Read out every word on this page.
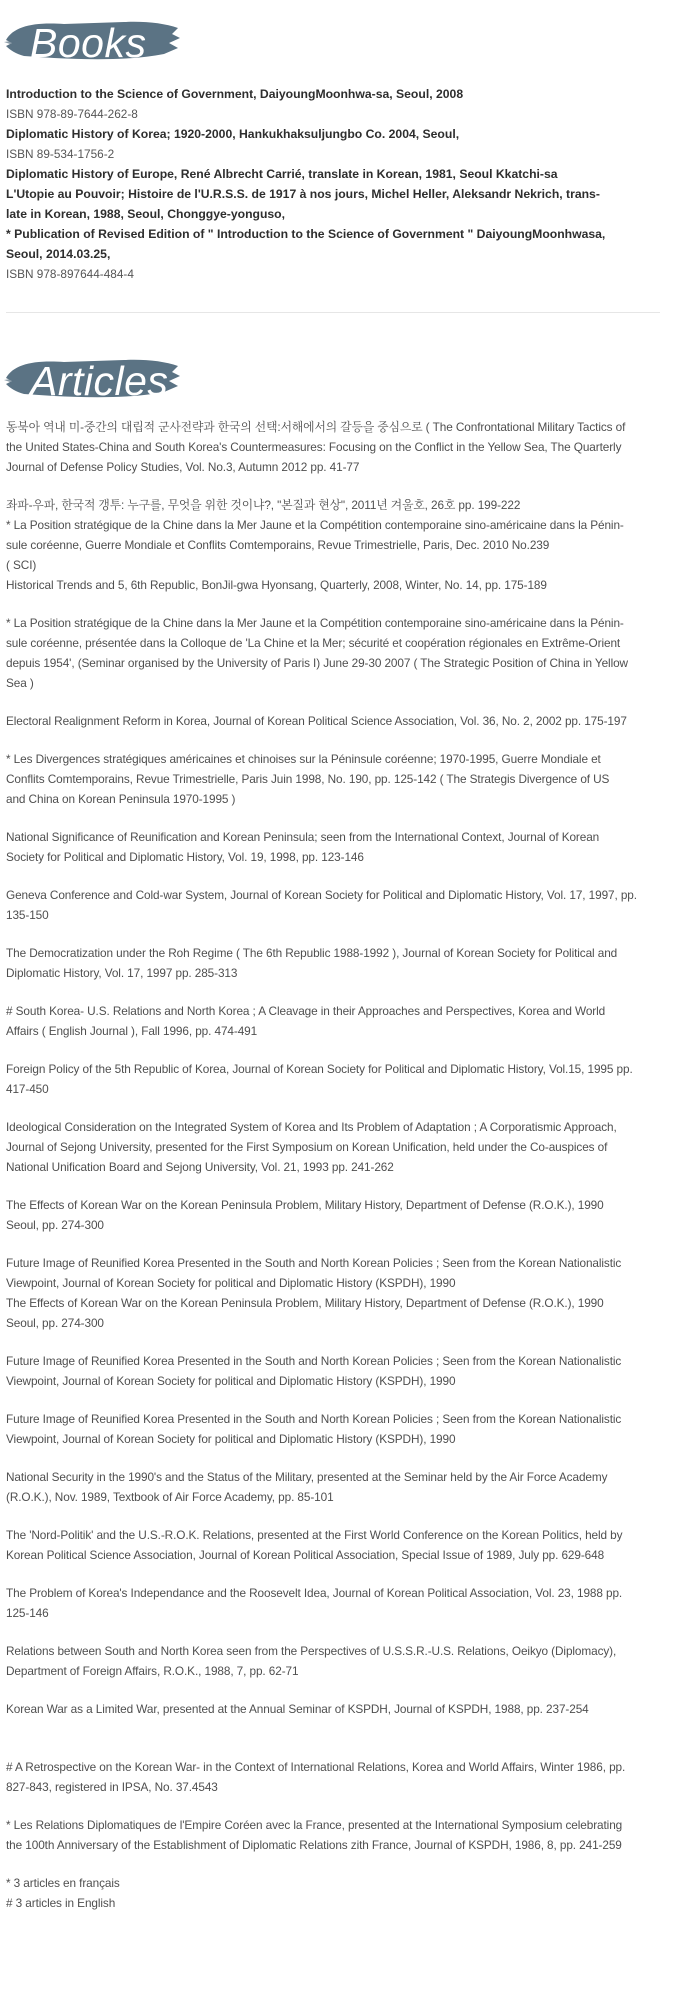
Books
Introduction to the Science of Government, DaiyoungMoonhwa-sa, Seoul, 2008
ISBN 978-89-7644-262-8
Diplomatic History of Korea; 1920-2000, Hankukhaksuljungbo Co. 2004, Seoul,
ISBN 89-534-1756-2
Diplomatic History of Europe, René Albrecht Carrié, translate in Korean, 1981, Seoul Kkatchi-sa
L'Utopie au Pouvoir; Histoire de l'U.R.S.S. de 1917 à nos jours, Michel Heller, Aleksandr Nekrich, trans-
late in Korean, 1988, Seoul, Chonggye-yonguso,
* Publication of Revised Edition of " Introduction to the Science of Government " DaiyoungMoonhwasa,
Seoul, 2014.03.25,
ISBN 978-897644-484-4
Articles
동북아 역내 미-중간의 대립적 군사전략과 한국의 선택:서해에서의 갈등을 중심으로 ( The Confrontational Military Tactics of
the United States-China and South Korea's Countermeasures: Focusing on the Conflict in the Yellow Sea, The Quarterly
Journal of Defense Policy Studies, Vol. No.3, Autumn 2012 pp. 41-77
좌파-우파, 한국적 갱투: 누구를, 무엇을 위한 것이냐?, "본질과 현상", 2011년 겨울호, 26호 pp. 199-222
* La Position stratégique de la Chine dans la Mer Jaune et la Compétition contemporaine sino-américaine dans la Pénin-
sule coréenne, Guerre Mondiale et Conflits Comtemporains, Revue Trimestrielle, Paris, Dec. 2010 No.239
( SCI)
Historical Trends and 5, 6th Republic, BonJil-gwa Hyonsang, Quarterly, 2008, Winter, No. 14, pp. 175-189
* La Position stratégique de la Chine dans la Mer Jaune et la Compétition contemporaine sino-américaine dans la Pénin-
sule coréenne, présentée dans la Colloque de 'La Chine et la Mer; sécurité et coopération régionales en Extrême-Orient
depuis 1954', (Seminar organised by the University of Paris I) June 29-30 2007 ( The Strategic Position of China in Yellow
Sea )
Electoral Realignment Reform in Korea, Journal of Korean Political Science Association, Vol. 36, No. 2, 2002 pp. 175-197
* Les Divergences stratégiques américaines et chinoises sur la Péninsule coréenne; 1970-1995, Guerre Mondiale et
Conflits Comtemporains, Revue Trimestrielle, Paris Juin 1998, No. 190, pp. 125-142 ( The Strategis Divergence of US
and China on Korean Peninsula 1970-1995 )
National Significance of Reunification and Korean Peninsula; seen from the International Context, Journal of Korean
Society for Political and Diplomatic History, Vol. 19, 1998, pp. 123-146
Geneva Conference and Cold-war System, Journal of Korean Society for Political and Diplomatic History, Vol. 17, 1997, pp.
135-150
The Democratization under the Roh Regime ( The 6th Republic 1988-1992 ), Journal of Korean Society for Political and
Diplomatic History, Vol. 17, 1997 pp. 285-313
# South Korea- U.S. Relations and North Korea ; A Cleavage in their Approaches and Perspectives, Korea and World
Affairs ( English Journal ), Fall 1996, pp. 474-491
Foreign Policy of the 5th Republic of Korea, Journal of Korean Society for Political and Diplomatic History, Vol.15, 1995 pp.
417-450
Ideological Consideration on the Integrated System of Korea and Its Problem of Adaptation ; A Corporatismic Approach,
Journal of Sejong University, presented for the First Symposium on Korean Unification, held under the Co-auspices of
National Unification Board and Sejong University, Vol. 21, 1993 pp. 241-262
The Effects of Korean War on the Korean Peninsula Problem, Military History, Department of Defense (R.O.K.), 1990
Seoul, pp. 274-300
Future Image of Reunified Korea Presented in the South and North Korean Policies ; Seen from the Korean Nationalistic
Viewpoint, Journal of Korean Society for political and Diplomatic History (KSPDH), 1990
The Effects of Korean War on the Korean Peninsula Problem, Military History, Department of Defense (R.O.K.), 1990
Seoul, pp. 274-300
Future Image of Reunified Korea Presented in the South and North Korean Policies ; Seen from the Korean Nationalistic
Viewpoint, Journal of Korean Society for political and Diplomatic History (KSPDH), 1990
Future Image of Reunified Korea Presented in the South and North Korean Policies ; Seen from the Korean Nationalistic
Viewpoint, Journal of Korean Society for political and Diplomatic History (KSPDH), 1990
National Security in the 1990's and the Status of the Military, presented at the Seminar held by the Air Force Academy
(R.O.K.), Nov. 1989, Textbook of Air Force Academy, pp. 85-101
The 'Nord-Politik' and the U.S.-R.O.K. Relations, presented at the First World Conference on the Korean Politics, held by
Korean Political Science Association, Journal of Korean Political Association, Special Issue of 1989, July pp. 629-648
The Problem of Korea's Independance and the Roosevelt Idea, Journal of Korean Political Association, Vol. 23, 1988 pp.
125-146
Relations between South and North Korea seen from the Perspectives of U.S.S.R.-U.S. Relations, Oeikyo (Diplomacy),
Department of Foreign Affairs, R.O.K., 1988, 7, pp. 62-71
Korean War as a Limited War, presented at the Annual Seminar of KSPDH, Journal of KSPDH, 1988, pp. 237-254
# A Retrospective on the Korean War- in the Context of International Relations, Korea and World Affairs, Winter 1986, pp.
827-843, registered in IPSA, No. 37.4543
* Les Relations Diplomatiques de l'Empire Coréen avec la France, presented at the International Symposium celebrating
the 100th Anniversary of the Establishment of Diplomatic Relations zith France, Journal of KSPDH, 1986, 8, pp. 241-259
* 3 articles en français
# 3 articles in English
